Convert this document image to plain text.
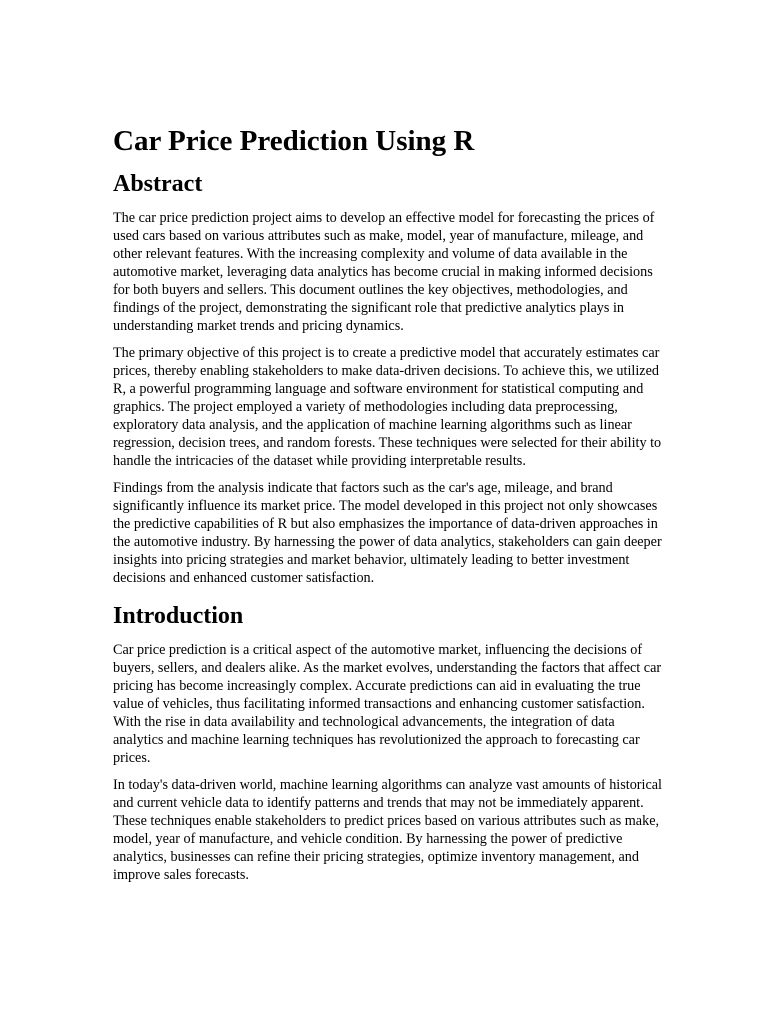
Car Price Prediction Using R
Abstract

The car price prediction project aims to develop an effective model for forecasting the prices of used cars based on various attributes such as make, model, year of manufacture, mileage, and other relevant features. With the increasing complexity and volume of data available in the automotive market, leveraging data analytics has become crucial in making informed decisions for both buyers and sellers. This document outlines the key objectives, methodologies, and findings of the project, demonstrating the significant role that predictive analytics plays in understanding market trends and pricing dynamics.

The primary objective of this project is to create a predictive model that accurately estimates car prices, thereby enabling stakeholders to make data-driven decisions. To achieve this, we utilized R, a powerful programming language and software environment for statistical computing and graphics. The project employed a variety of methodologies including data preprocessing, exploratory data analysis, and the application of machine learning algorithms such as linear regression, decision trees, and random forests. These techniques were selected for their ability to handle the intricacies of the dataset while providing interpretable results.

Findings from the analysis indicate that factors such as the car's age, mileage, and brand significantly influence its market price. The model developed in this project not only showcases the predictive capabilities of R but also emphasizes the importance of data-driven approaches in the automotive industry. By harnessing the power of data analytics, stakeholders can gain deeper insights into pricing strategies and market behavior, ultimately leading to better investment decisions and enhanced customer satisfaction.

Introduction

Car price prediction is a critical aspect of the automotive market, influencing the decisions of buyers, sellers, and dealers alike. As the market evolves, understanding the factors that affect car pricing has become increasingly complex. Accurate predictions can aid in evaluating the true value of vehicles, thus facilitating informed transactions and enhancing customer satisfaction. With the rise in data availability and technological advancements, the integration of data analytics and machine learning techniques has revolutionized the approach to forecasting car prices.

In today's data-driven world, machine learning algorithms can analyze vast amounts of historical and current vehicle data to identify patterns and trends that may not be immediately apparent. These techniques enable stakeholders to predict prices based on various attributes such as make, model, year of manufacture, and vehicle condition. By harnessing the power of predictive analytics, businesses can refine their pricing strategies, optimize inventory management, and improve sales forecasts.
